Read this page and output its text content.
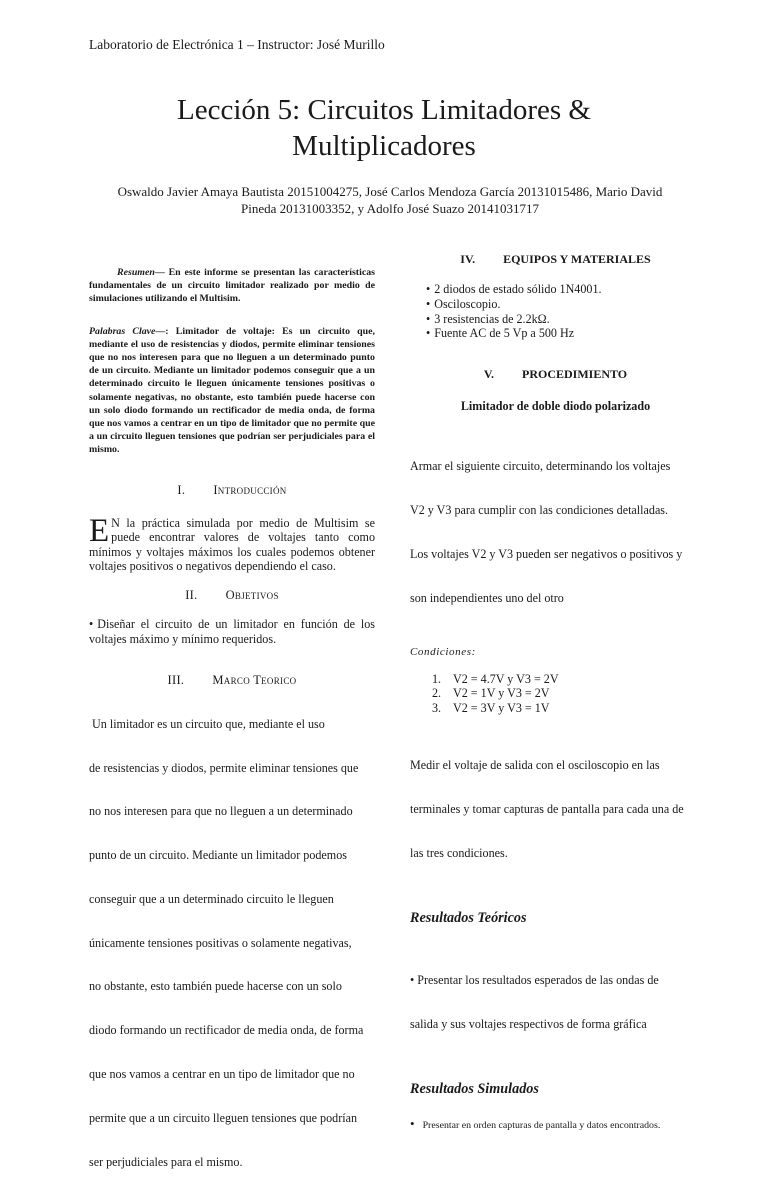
Laboratorio de Electrónica 1 – Instructor: José Murillo
Lección 5: Circuitos Limitadores &
Multiplicadores
Oswaldo Javier Amaya Bautista 20151004275, José Carlos Mendoza García 20131015486, Mario David
Pineda 20131003352, y Adolfo José Suazo 20141031717

Resumen— En este informe se presentan las características fundamentales de un circuito limitador realizado por medio de simulaciones utilizando el Multisim.

Palabras Clave—: Limitador de voltaje: Es un circuito que, mediante el uso de resistencias y diodos, permite eliminar tensiones que no nos interesen para que no lleguen a un determinado punto de un circuito. Mediante un limitador podemos conseguir que a un determinado circuito le lleguen únicamente tensiones positivas o solamente negativas, no obstante, esto también puede hacerse con un solo diodo formando un rectificador de media onda, de forma que nos vamos a centrar en un tipo de limitador que no permite que a un circuito lleguen tensiones que podrían ser perjudiciales para el mismo.

I. Introducción

E N la práctica simulada por medio de Multisim se puede encontrar valores de voltajes tanto como mínimos y voltajes máximos los cuales podemos obtener voltajes positivos o negativos dependiendo el caso.

II. Objetivos
• Diseñar el circuito de un limitador en función de los voltajes máximo y mínimo requeridos.
III. Marco Teorico

Un limitador es un circuito que, mediante el uso

de resistencias y diodos, permite eliminar tensiones que

no nos interesen para que no lleguen a un determinado

punto de un circuito. Mediante un limitador podemos

conseguir que a un determinado circuito le lleguen

únicamente tensiones positivas o solamente negativas,

no obstante, esto también puede hacerse con un solo

diodo formando un rectificador de media onda, de forma

que nos vamos a centrar en un tipo de limitador que no

permite que a un circuito lleguen tensiones que podrían

ser perjudiciales para el mismo.

IV. EQUIPOS Y MATERIALES
• 2 diodos de estado sólido 1N4001.
• Osciloscopio.
• 3 resistencias de 2.2kΩ.
• Fuente AC de 5 Vp a 500 Hz
V. PROCEDIMIENTO
Limitador de doble diodo polarizado

Armar el siguiente circuito, determinando los voltajes

V2 y V3 para cumplir con las condiciones detalladas.

Los voltajes V2 y V3 pueden ser negativos o positivos y

son independientes uno del otro

Condiciones:
1. V2 = 4.7V y V3 = 2V
2. V2 = 1V y V3 = 2V
3. V2 = 3V y V3 = 1V

Medir el voltaje de salida con el osciloscopio en las

terminales y tomar capturas de pantalla para cada una de

las tres condiciones.

Resultados Teóricos

• Presentar los resultados esperados de las ondas de

salida y sus voltajes respectivos de forma gráfica

Resultados Simulados
• Presentar en orden capturas de pantalla y datos encontrados.
